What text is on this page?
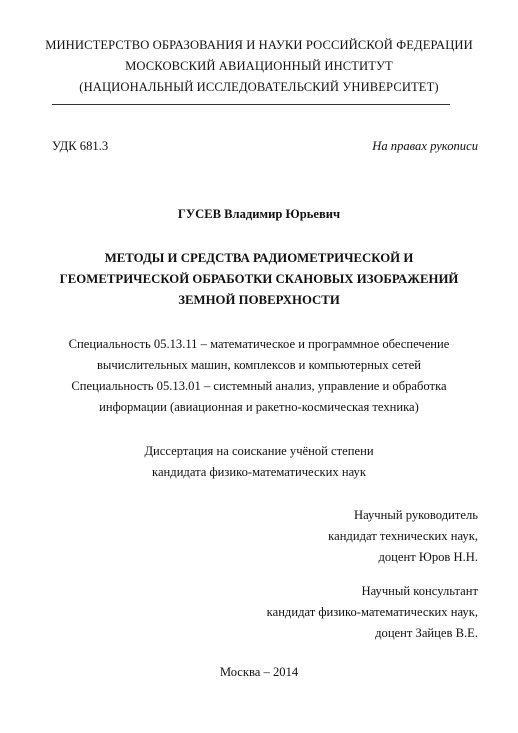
МИНИСТЕРСТВО ОБРАЗОВАНИЯ И НАУКИ РОССИЙСКОЙ ФЕДЕРАЦИИ
МОСКОВСКИЙ АВИАЦИОННЫЙ ИНСТИТУТ
(НАЦИОНАЛЬНЫЙ ИССЛЕДОВАТЕЛЬСКИЙ УНИВЕРСИТЕТ)
УДК 681.3	На правах рукописи
ГУСЕВ Владимир Юрьевич
МЕТОДЫ И СРЕДСТВА РАДИОМЕТРИЧЕСКОЙ И
ГЕОМЕТРИЧЕСКОЙ ОБРАБОТКИ СКАНОВЫХ ИЗОБРАЖЕНИЙ
ЗЕМНОЙ ПОВЕРХНОСТИ
Специальность 05.13.11 – математическое и программное обеспечение
вычислительных машин, комплексов и компьютерных сетей
Специальность 05.13.01 – системный анализ, управление и обработка
информации (авиационная и ракетно-космическая техника)
Диссертация на соискание учёной степени
кандидата физико-математических наук
Научный руководитель
кандидат технических наук,
доцент Юров Н.Н.
Научный консультант
кандидат физико-математических наук,
доцент Зайцев В.Е.
Москва – 2014
